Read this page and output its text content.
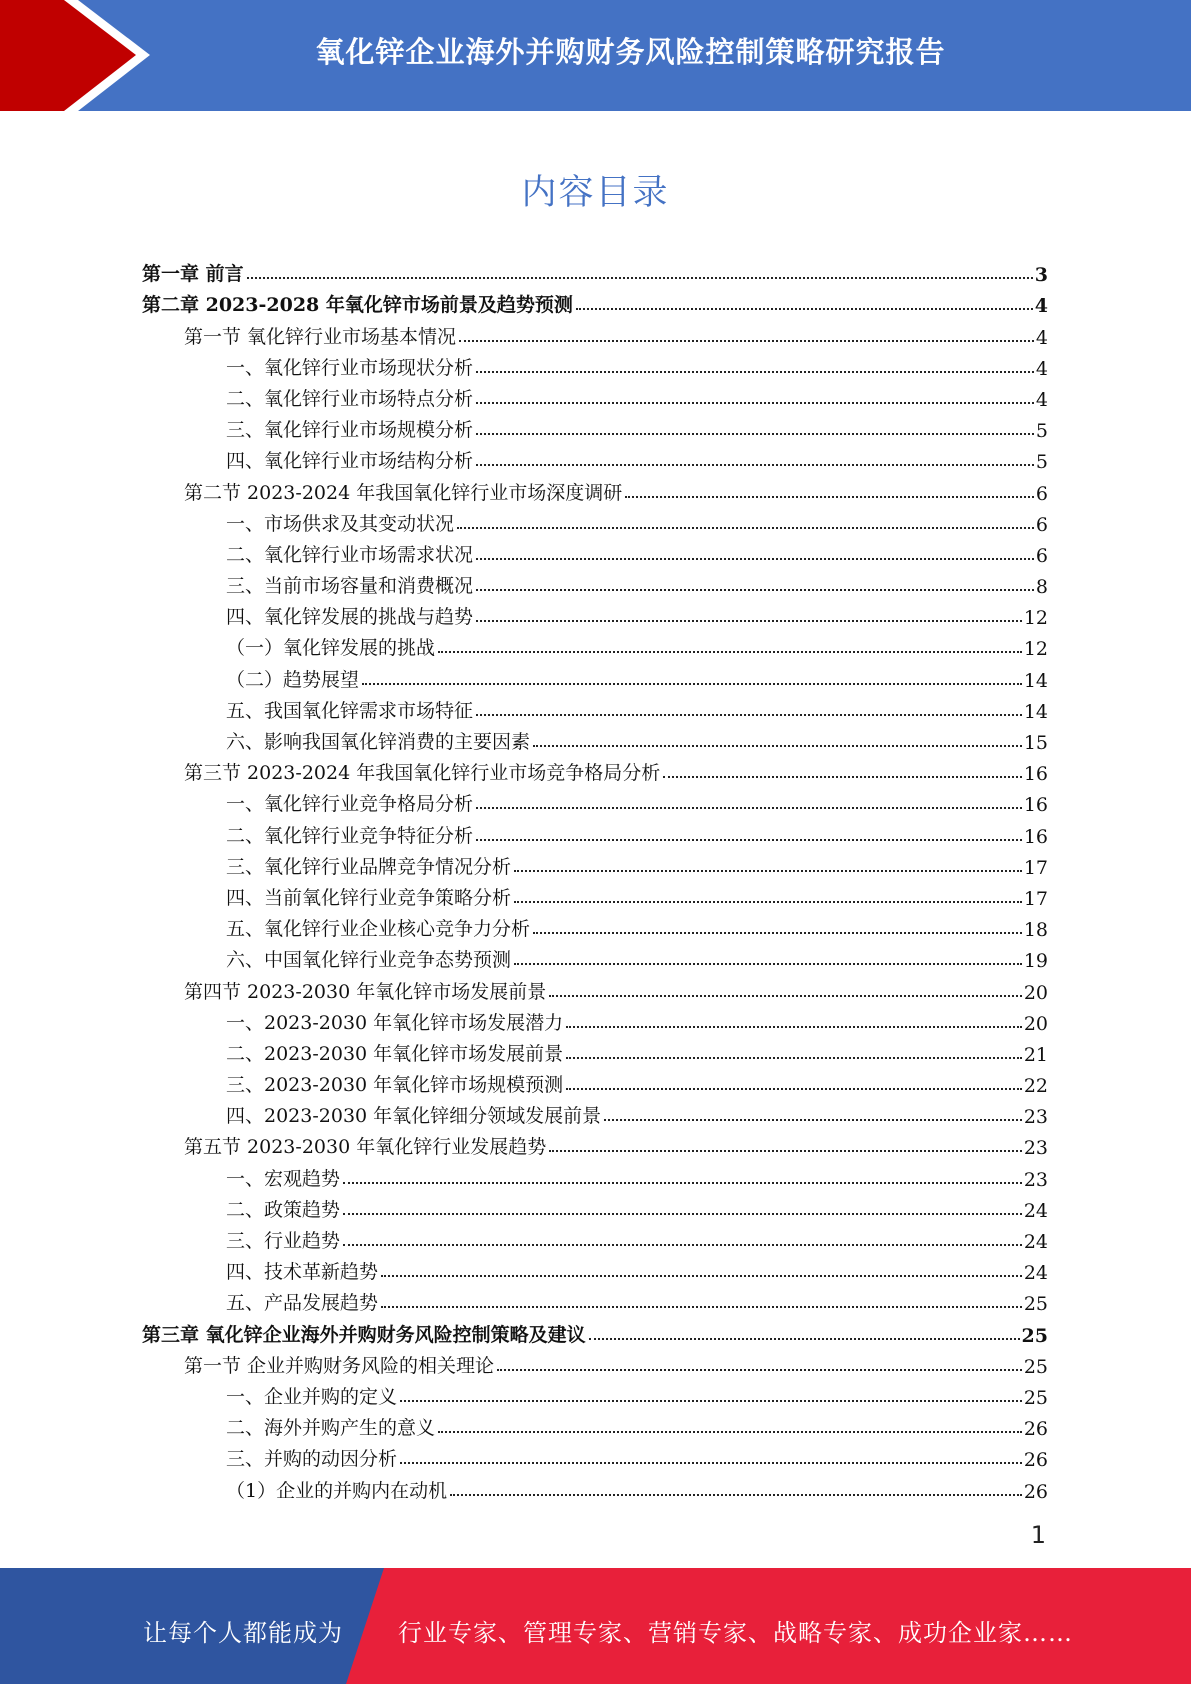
氧化锌企业海外并购财务风险控制策略研究报告
内容目录
第一章 前言	3
第二章 2023-2028 年氧化锌市场前景及趋势预测	4
第一节 氧化锌行业市场基本情况	4
一、氧化锌行业市场现状分析	4
二、氧化锌行业市场特点分析	4
三、氧化锌行业市场规模分析	5
四、氧化锌行业市场结构分析	5
第二节 2023-2024 年我国氧化锌行业市场深度调研	6
一、市场供求及其变动状况	6
二、氧化锌行业市场需求状况	6
三、当前市场容量和消费概况	8
四、氧化锌发展的挑战与趋势	12
（一）氧化锌发展的挑战	12
（二）趋势展望	14
五、我国氧化锌需求市场特征	14
六、影响我国氧化锌消费的主要因素	15
第三节 2023-2024 年我国氧化锌行业市场竞争格局分析	16
一、氧化锌行业竞争格局分析	16
二、氧化锌行业竞争特征分析	16
三、氧化锌行业品牌竞争情况分析	17
四、当前氧化锌行业竞争策略分析	17
五、氧化锌行业企业核心竞争力分析	18
六、中国氧化锌行业竞争态势预测	19
第四节 2023-2030 年氧化锌市场发展前景	20
一、2023-2030 年氧化锌市场发展潜力	20
二、2023-2030 年氧化锌市场发展前景	21
三、2023-2030 年氧化锌市场规模预测	22
四、2023-2030 年氧化锌细分领域发展前景	23
第五节 2023-2030 年氧化锌行业发展趋势	23
一、宏观趋势	23
二、政策趋势	24
三、行业趋势	24
四、技术革新趋势	24
五、产品发展趋势	25
第三章 氧化锌企业海外并购财务风险控制策略及建议	25
第一节 企业并购财务风险的相关理论	25
一、企业并购的定义	25
二、海外并购产生的意义	26
三、并购的动因分析	26
（1）企业的并购内在动机	26
1
让每个人都能成为 行业专家、管理专家、营销专家、战略专家、成功企业家……
